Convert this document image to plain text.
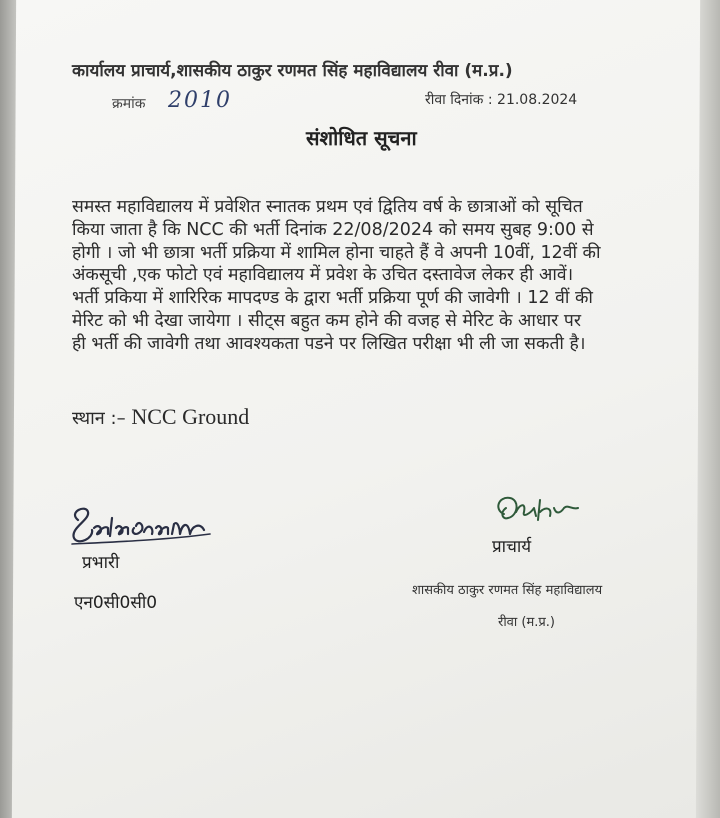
कार्यालय प्राचार्य,शासकीय ठाकुर रणमत सिंह महाविद्यालय रीवा (म.प्र.)
क्रमांक 2010	रीवा दिनांक : 21.08.2024
संशोधित सूचना
समस्त महाविद्यालय में प्रवेशित स्नातक प्रथम एवं द्वितिय वर्ष के छात्राओं को सूचित
किया जाता है कि NCC की भर्ती दिनांक 22/08/2024 को समय सुबह 9:00 से
होगी । जो भी छात्रा भर्ती प्रक्रिया में शामिल होना चाहते हैं वे अपनी 10वीं, 12वीं की
अंकसूची ,एक फोटो एवं महाविद्यालय में प्रवेश के उचित दस्तावेज लेकर ही आवें।
भर्ती प्रकिया में शारिरिक मापदण्ड के द्वारा भर्ती प्रक्रिया पूर्ण की जावेगी । 12 वीं की
मेरिट को भी देखा जायेगा । सीट्स बहुत कम होने की वजह से मेरिट के आधार पर
ही भर्ती की जावेगी तथा आवश्यकता पडने पर लिखित परीक्षा भी ली जा सकती है।
स्थान :– NCC Ground
प्रभारी
प्राचार्य
एन0सी0सी0
शासकीय ठाकुर रणमत सिंह महाविद्यालय
रीवा (म.प्र.)
